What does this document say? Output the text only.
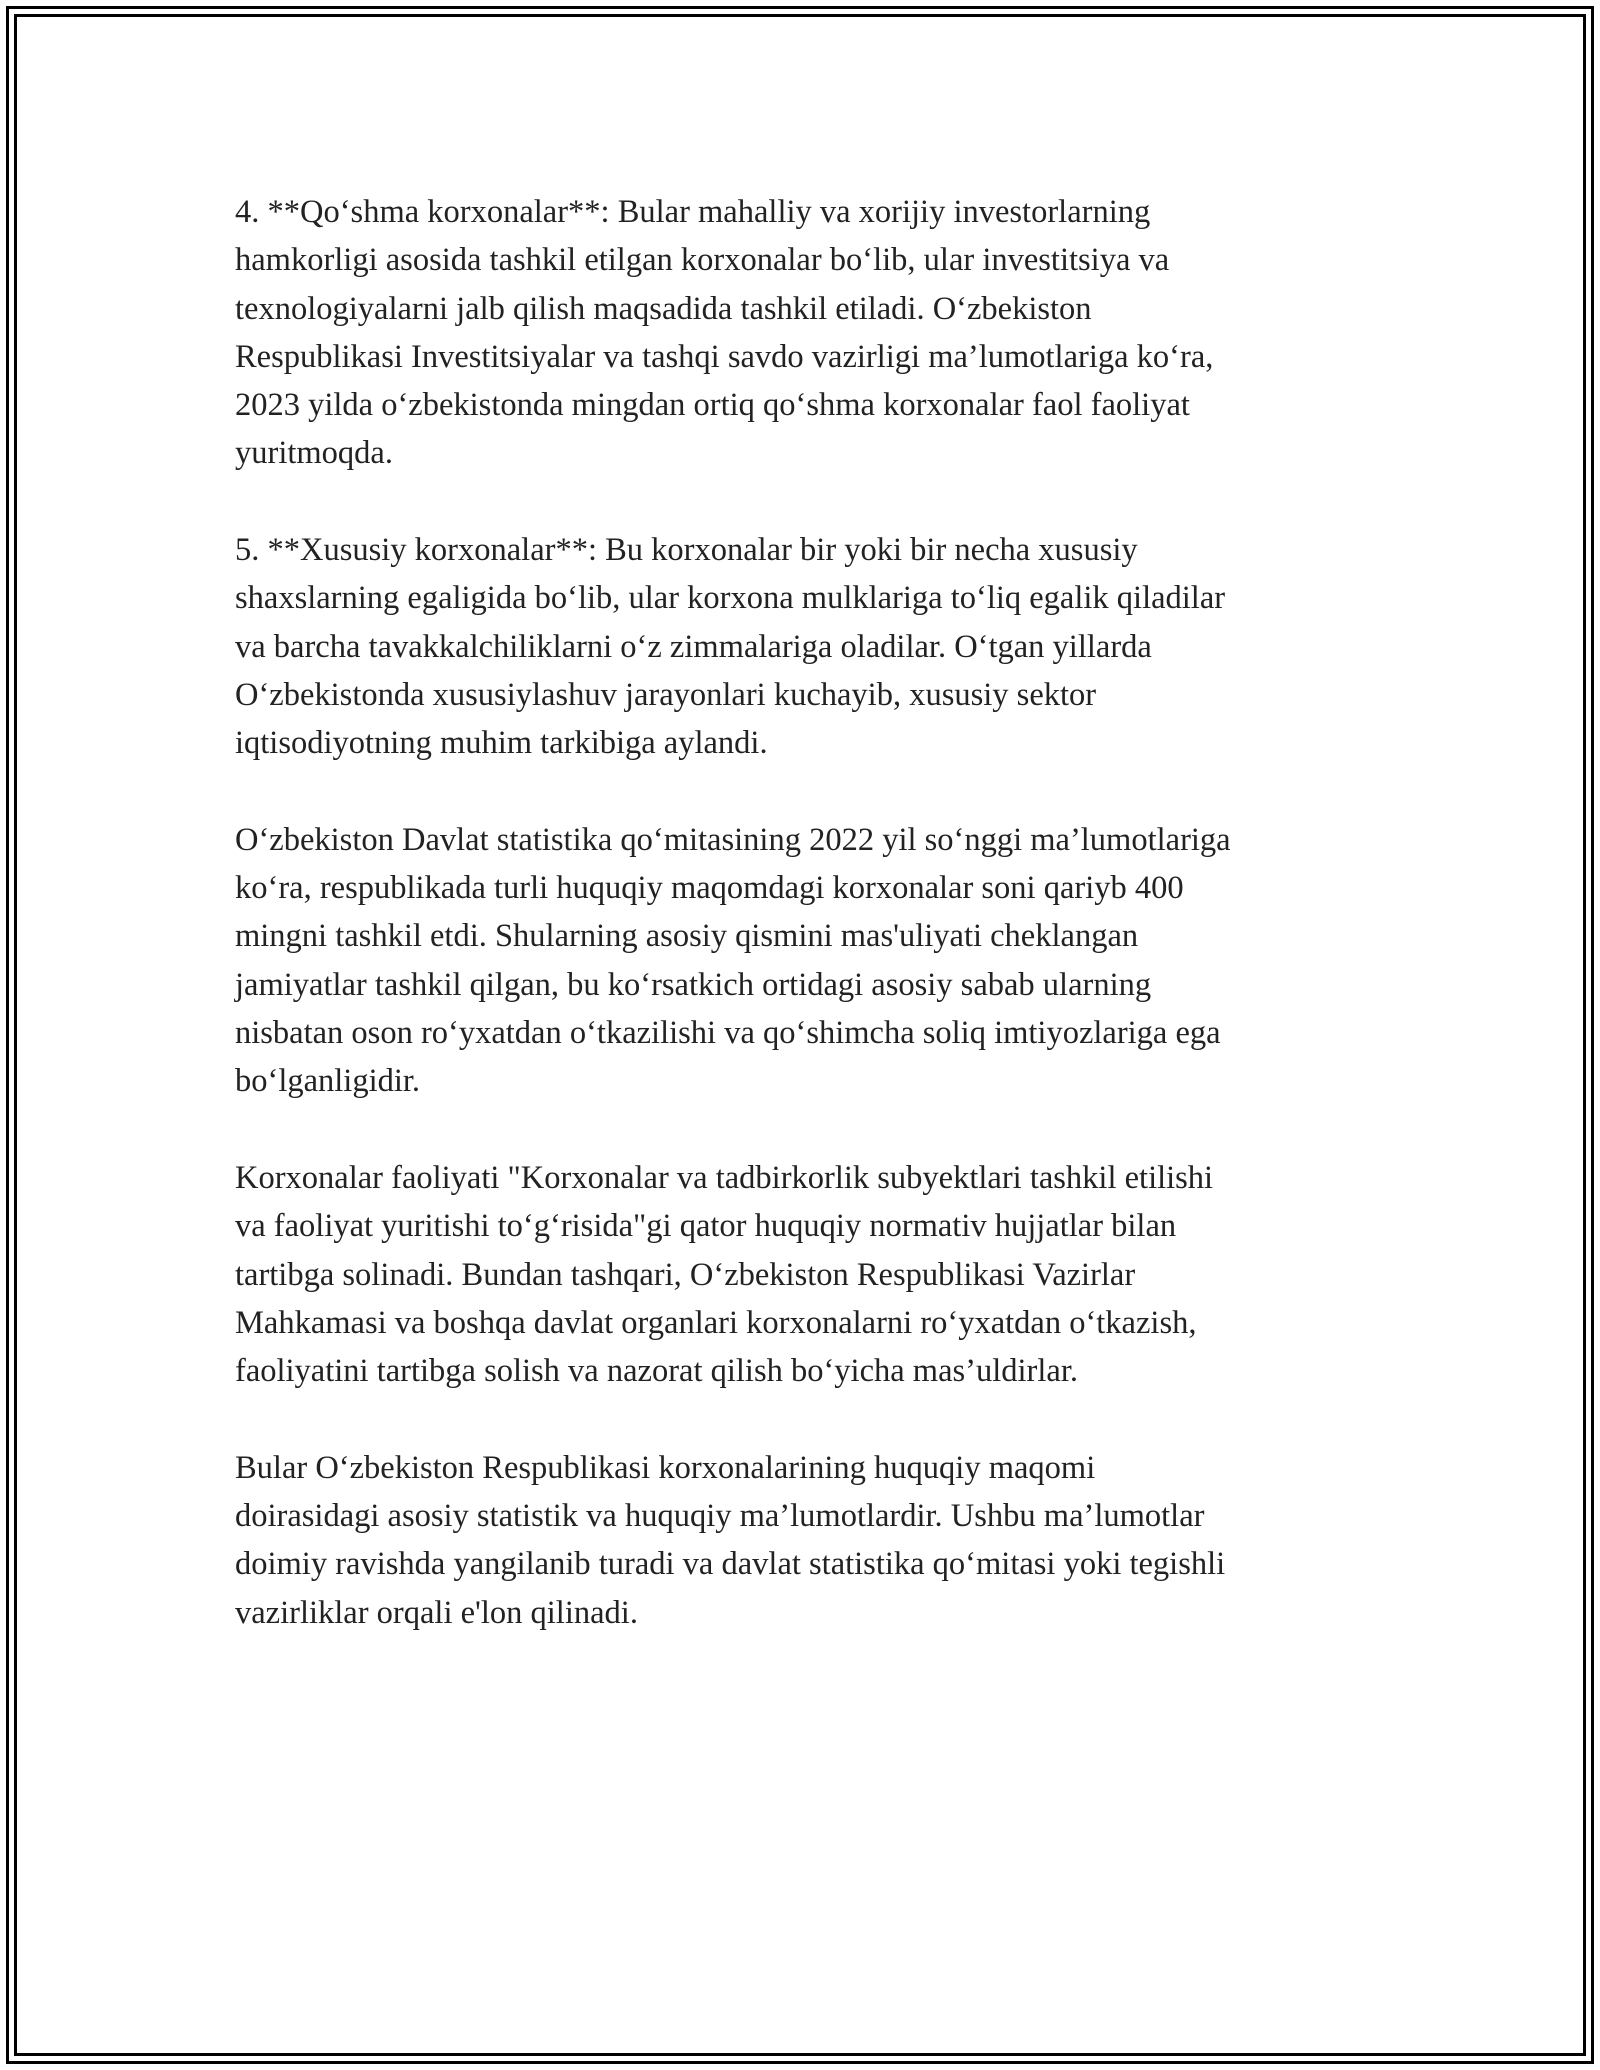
4. **Qo‘shma korxonalar**: Bular mahalliy va xorijiy investorlarning
hamkorligi asosida tashkil etilgan korxonalar bo‘lib, ular investitsiya va
texnologiyalarni jalb qilish maqsadida tashkil etiladi. O‘zbekiston
Respublikasi Investitsiyalar va tashqi savdo vazirligi ma’lumotlariga ko‘ra,
2023 yilda o‘zbekistonda mingdan ortiq qo‘shma korxonalar faol faoliyat
yuritmoqda.

5. **Xususiy korxonalar**: Bu korxonalar bir yoki bir necha xususiy
shaxslarning egaligida bo‘lib, ular korxona mulklariga to‘liq egalik qiladilar
va barcha tavakkalchiliklarni o‘z zimmalariga oladilar. O‘tgan yillarda
O‘zbekistonda xususiylashuv jarayonlari kuchayib, xususiy sektor
iqtisodiyotning muhim tarkibiga aylandi.

O‘zbekiston Davlat statistika qo‘mitasining 2022 yil so‘nggi ma’lumotlariga
ko‘ra, respublikada turli huquqiy maqomdagi korxonalar soni qariyb 400
mingni tashkil etdi. Shularning asosiy qismini mas'uliyati cheklangan
jamiyatlar tashkil qilgan, bu ko‘rsatkich ortidagi asosiy sabab ularning
nisbatan oson ro‘yxatdan o‘tkazilishi va qo‘shimcha soliq imtiyozlariga ega
bo‘lganligidir.

Korxonalar faoliyati "Korxonalar va tadbirkorlik subyektlari tashkil etilishi
va faoliyat yuritishi to‘g‘risida"gi qator huquqiy normativ hujjatlar bilan
tartibga solinadi. Bundan tashqari, O‘zbekiston Respublikasi Vazirlar
Mahkamasi va boshqa davlat organlari korxonalarni ro‘yxatdan o‘tkazish,
faoliyatini tartibga solish va nazorat qilish bo‘yicha mas’uldirlar.

Bular O‘zbekiston Respublikasi korxonalarining huquqiy maqomi
doirasidagi asosiy statistik va huquqiy ma’lumotlardir. Ushbu ma’lumotlar
doimiy ravishda yangilanib turadi va davlat statistika qo‘mitasi yoki tegishli
vazirliklar orqali e'lon qilinadi.
